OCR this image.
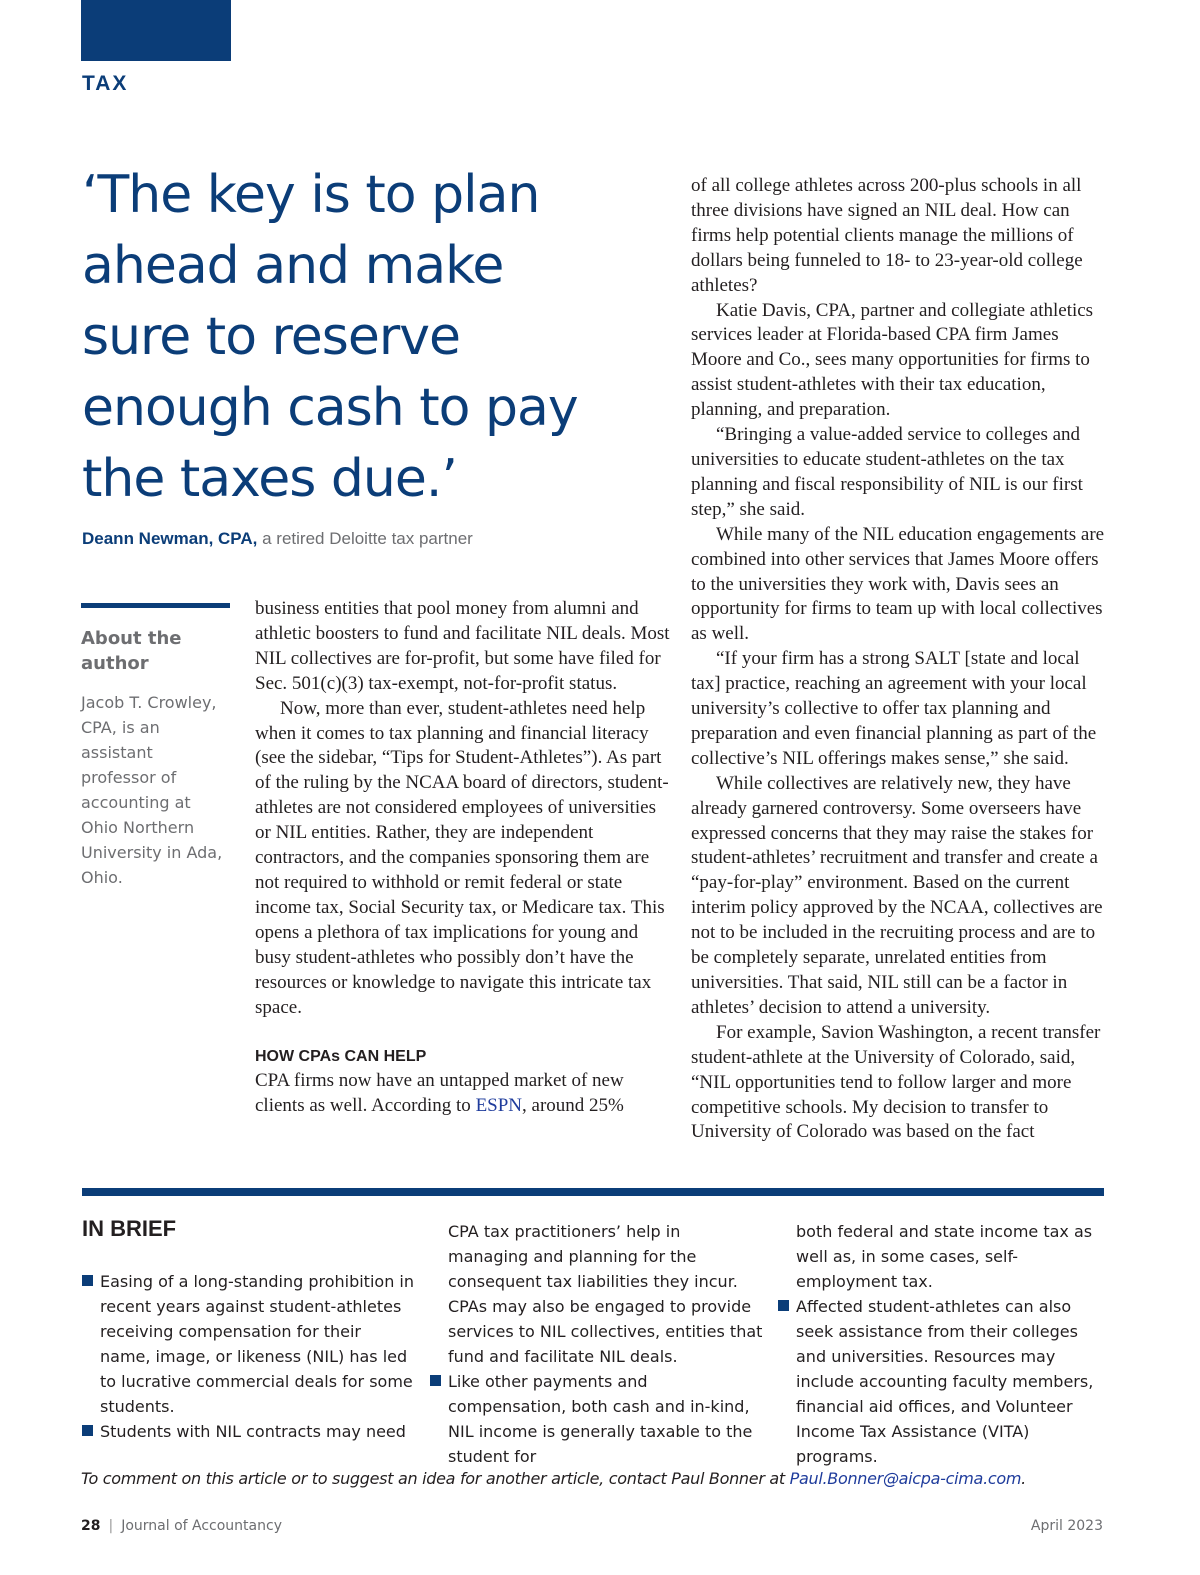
TAX
‘The key is to plan ahead and make sure to reserve enough cash to pay the taxes due.’
Deann Newman, CPA, a retired Deloitte tax partner
About the author
Jacob T. Crowley, CPA, is an assistant professor of accounting at Ohio Northern University in Ada, Ohio.

business entities that pool money from alumni and athletic boosters to fund and facilitate NIL deals. Most NIL collectives are for-profit, but some have filed for Sec. 501(c)(3) tax-exempt, not-for-profit status.

Now, more than ever, student-athletes need help when it comes to tax planning and financial literacy (see the sidebar, “Tips for Student-Athletes”). As part of the ruling by the NCAA board of directors, student-athletes are not considered employees of universities or NIL entities. Rather, they are independent contractors, and the companies sponsoring them are not required to withhold or remit federal or state income tax, Social Security tax, or Medicare tax. This opens a plethora of tax implications for young and busy student-athletes who possibly don’t have the resources or knowledge to navigate this intricate tax space.

HOW CPAs CAN HELP

CPA firms now have an untapped market of new clients as well. According to ESPN, around 25%

of all college athletes across 200-plus schools in all three divisions have signed an NIL deal. How can firms help potential clients manage the millions of dollars being funneled to 18- to 23-year-old college athletes?

Katie Davis, CPA, partner and collegiate athletics services leader at Florida-based CPA firm James Moore and Co., sees many opportunities for firms to assist student-athletes with their tax education, planning, and preparation.

“Bringing a value-added service to colleges and universities to educate student-athletes on the tax planning and fiscal responsibility of NIL is our first step,” she said.

While many of the NIL education engagements are combined into other services that James Moore offers to the universities they work with, Davis sees an opportunity for firms to team up with local collectives as well.

“If your firm has a strong SALT [state and local tax] practice, reaching an agreement with your local university’s collective to offer tax planning and preparation and even financial planning as part of the collective’s NIL offerings makes sense,” she said.

While collectives are relatively new, they have already garnered controversy. Some overseers have expressed concerns that they may raise the stakes for student-athletes’ recruitment and transfer and create a “pay-for-play” environment. Based on the current interim policy approved by the NCAA, collectives are not to be included in the recruiting process and are to be completely separate, unrelated entities from universities. That said, NIL still can be a factor in athletes’ decision to attend a university.

For example, Savion Washington, a recent transfer student-athlete at the University of Colorado, said, “NIL opportunities tend to follow larger and more competitive schools. My decision to transfer to University of Colorado was based on the fact

IN BRIEF

Easing of a long-standing prohibition in recent years against student-athletes receiving compensation for their name, image, or likeness (NIL) has led to lucrative commercial deals for some students.

Students with NIL contracts may need

CPA tax practitioners’ help in managing and planning for the consequent tax liabilities they incur. CPAs may also be engaged to provide services to NIL collectives, entities that fund and facilitate NIL deals.

Like other payments and compensation, both cash and in-kind, NIL income is generally taxable to the student for

both federal and state income tax as well as, in some cases, self-employment tax.

Affected student-athletes can also seek assistance from their colleges and universities. Resources may include accounting faculty members, financial aid offices, and Volunteer Income Tax Assistance (VITA) programs.

To comment on this article or to suggest an idea for another article, contact Paul Bonner at Paul.Bonner@aicpa-cima.com.
28 | Journal of Accountancy	April 2023
